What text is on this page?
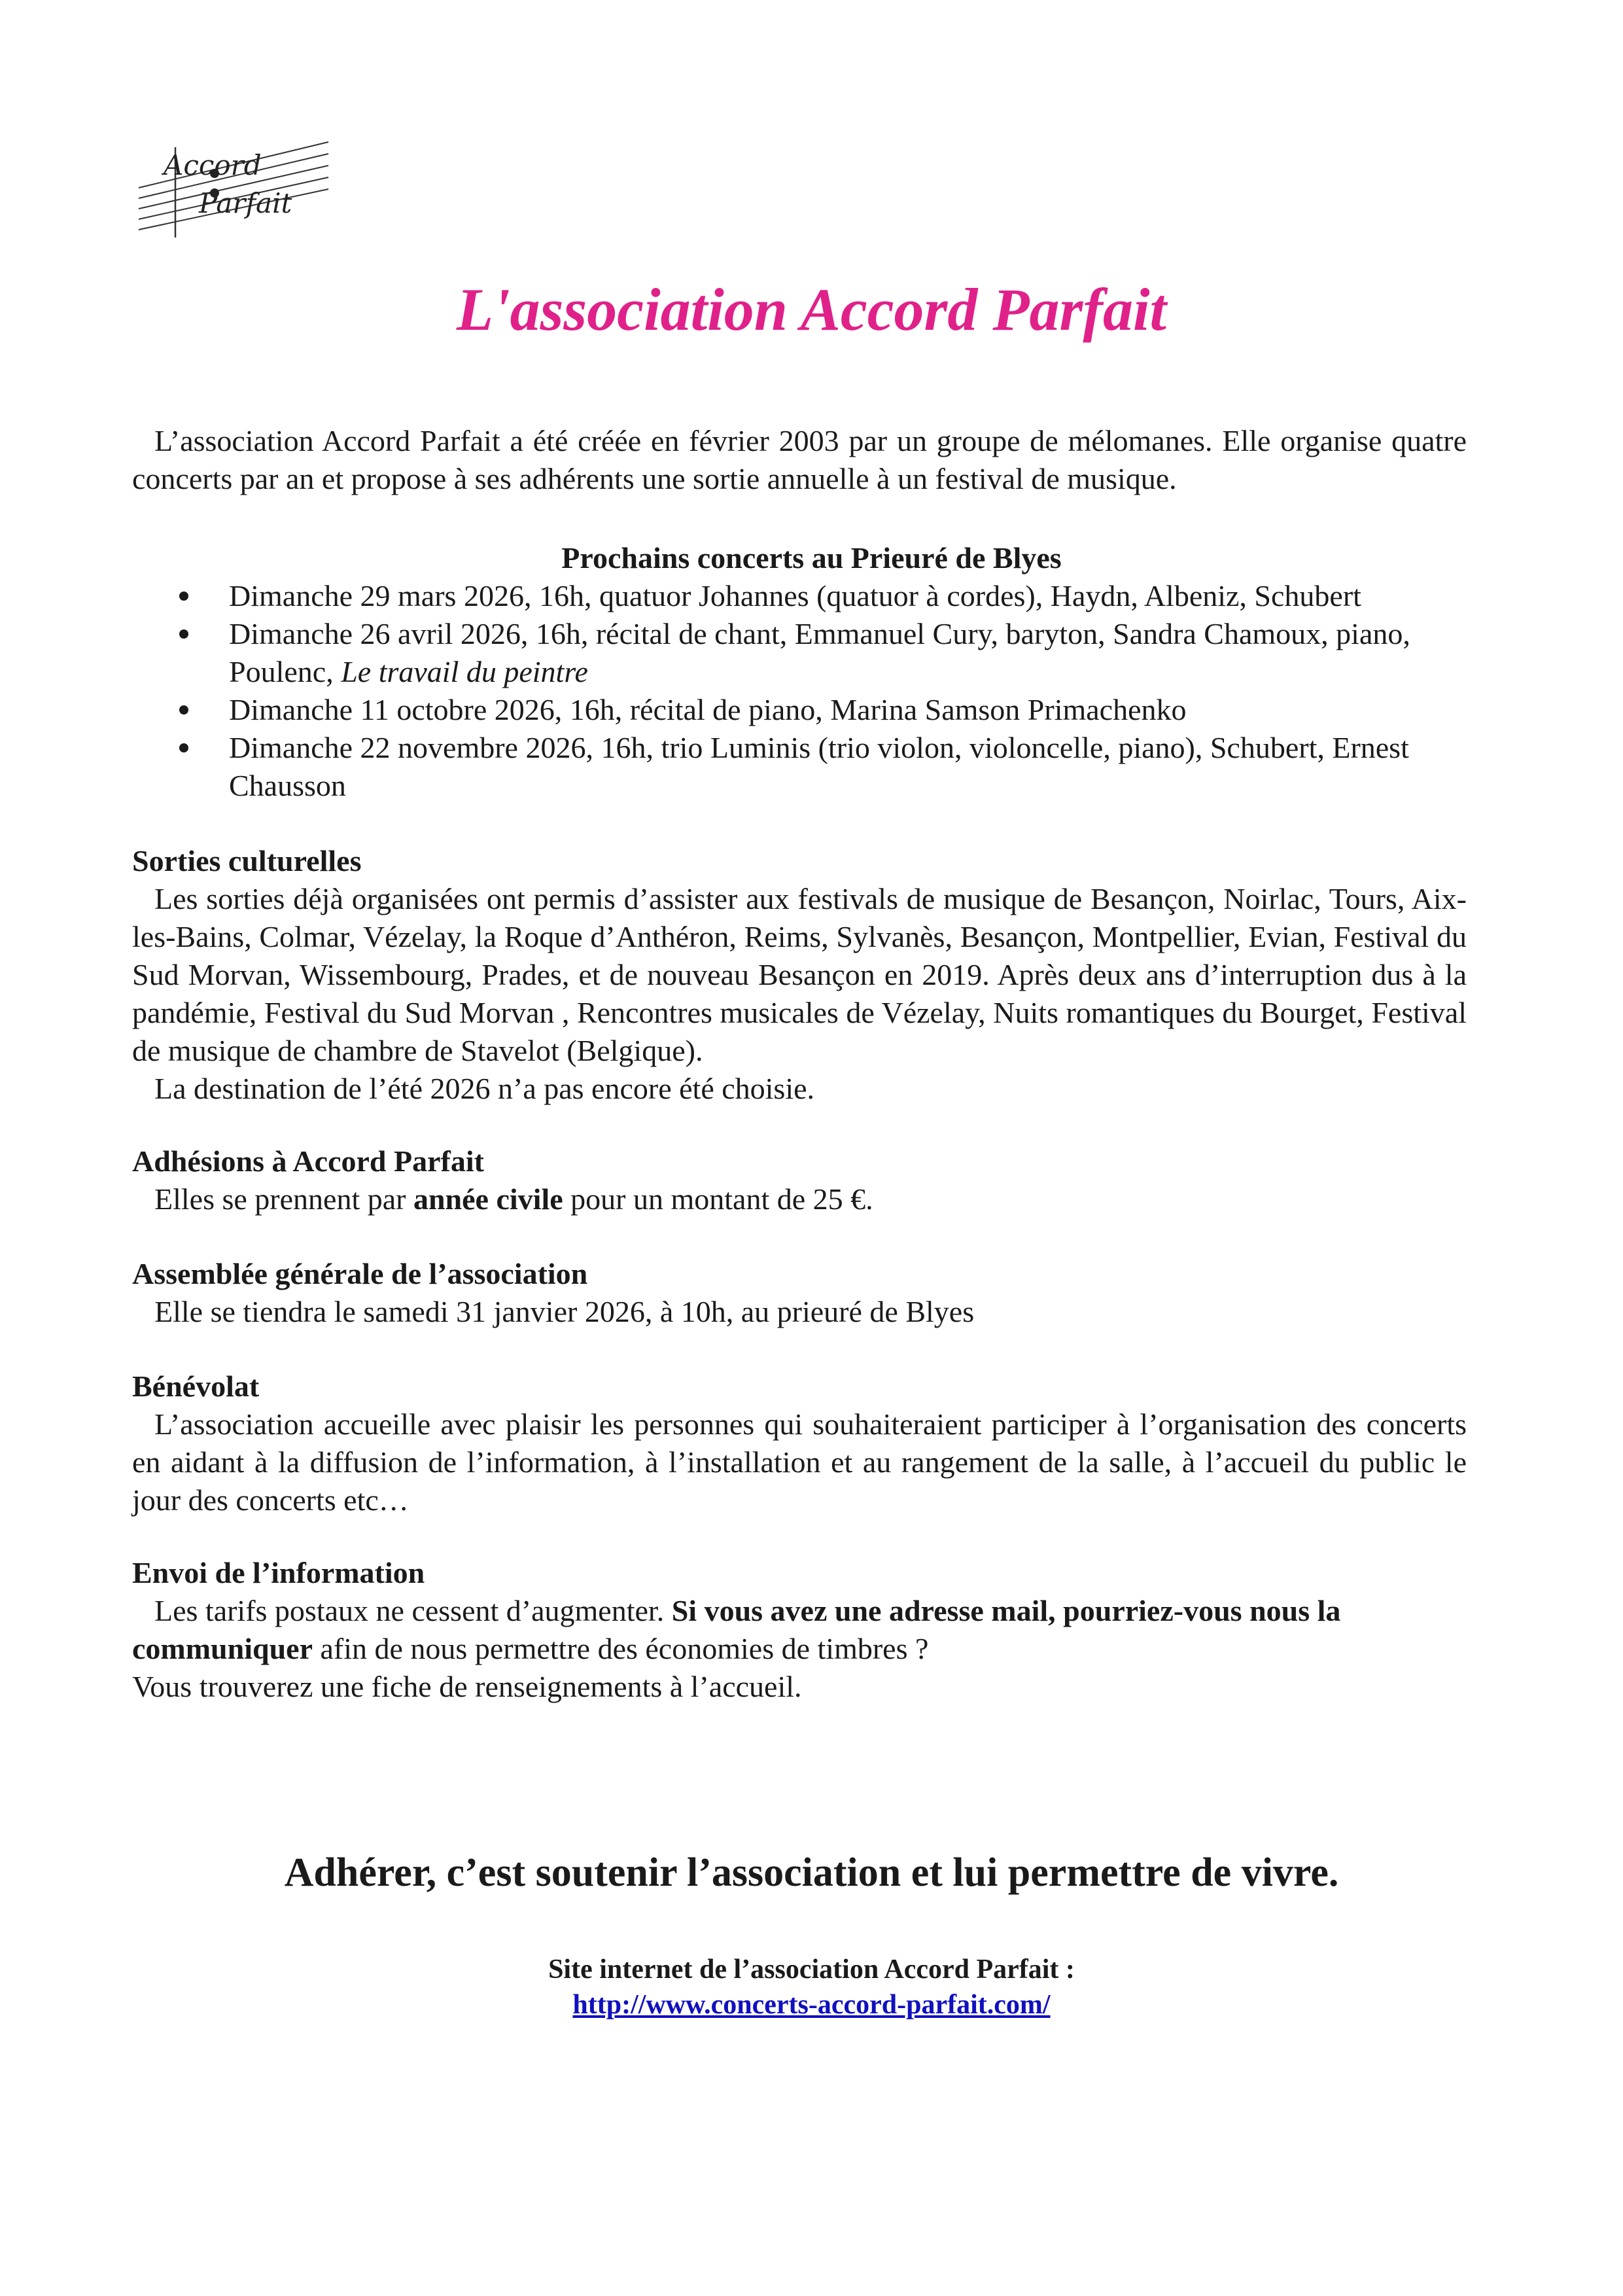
Accord
Parfait
L'association Accord Parfait
L’association Accord Parfait a été créée en février 2003 par un groupe de mélomanes. Elle organise quatre concerts par an et propose à ses adhérents une sortie annuelle à un festival de musique.
Prochains concerts au Prieuré de Blyes
Dimanche 29 mars 2026, 16h, quatuor Johannes (quatuor à cordes), Haydn, Albeniz, Schubert
Dimanche 26 avril 2026, 16h, récital de chant, Emmanuel Cury, baryton, Sandra Chamoux, piano, Poulenc, Le travail du peintre
Dimanche 11 octobre 2026, 16h, récital de piano, Marina Samson Primachenko
Dimanche 22 novembre 2026, 16h, trio Luminis (trio violon, violoncelle, piano), Schubert, Ernest Chausson
Sorties culturelles
Les sorties déjà organisées ont permis d’assister aux festivals de musique de Besançon, Noirlac, Tours, Aix-les-Bains, Colmar, Vézelay, la Roque d’Anthéron, Reims, Sylvanès, Besançon, Montpellier, Evian, Festival du Sud Morvan, Wissembourg, Prades, et de nouveau Besançon en 2019. Après deux ans d’interruption dus à la pandémie, Festival du Sud Morvan , Rencontres musicales de Vézelay, Nuits romantiques du Bourget, Festival de musique de chambre de Stavelot (Belgique).
La destination de l’été 2026 n’a pas encore été choisie.
Adhésions à Accord Parfait
Elles se prennent par année civile pour un montant de 25 €.
Assemblée générale de l’association
Elle se tiendra le samedi 31 janvier 2026, à 10h, au prieuré de Blyes
Bénévolat
L’association accueille avec plaisir les personnes qui souhaiteraient participer à l’organisation des concerts en aidant à la diffusion de l’information, à l’installation et au rangement de la salle, à l’accueil du public le jour des concerts etc…
Envoi de l’information
Les tarifs postaux ne cessent d’augmenter. Si vous avez une adresse mail, pourriez-vous nous la communiquer afin de nous permettre des économies de timbres ?
Vous trouverez une fiche de renseignements à l’accueil.
Adhérer, c’est soutenir l’association et lui permettre de vivre.
Site internet de l’association Accord Parfait :
http://www.concerts-accord-parfait.com/
